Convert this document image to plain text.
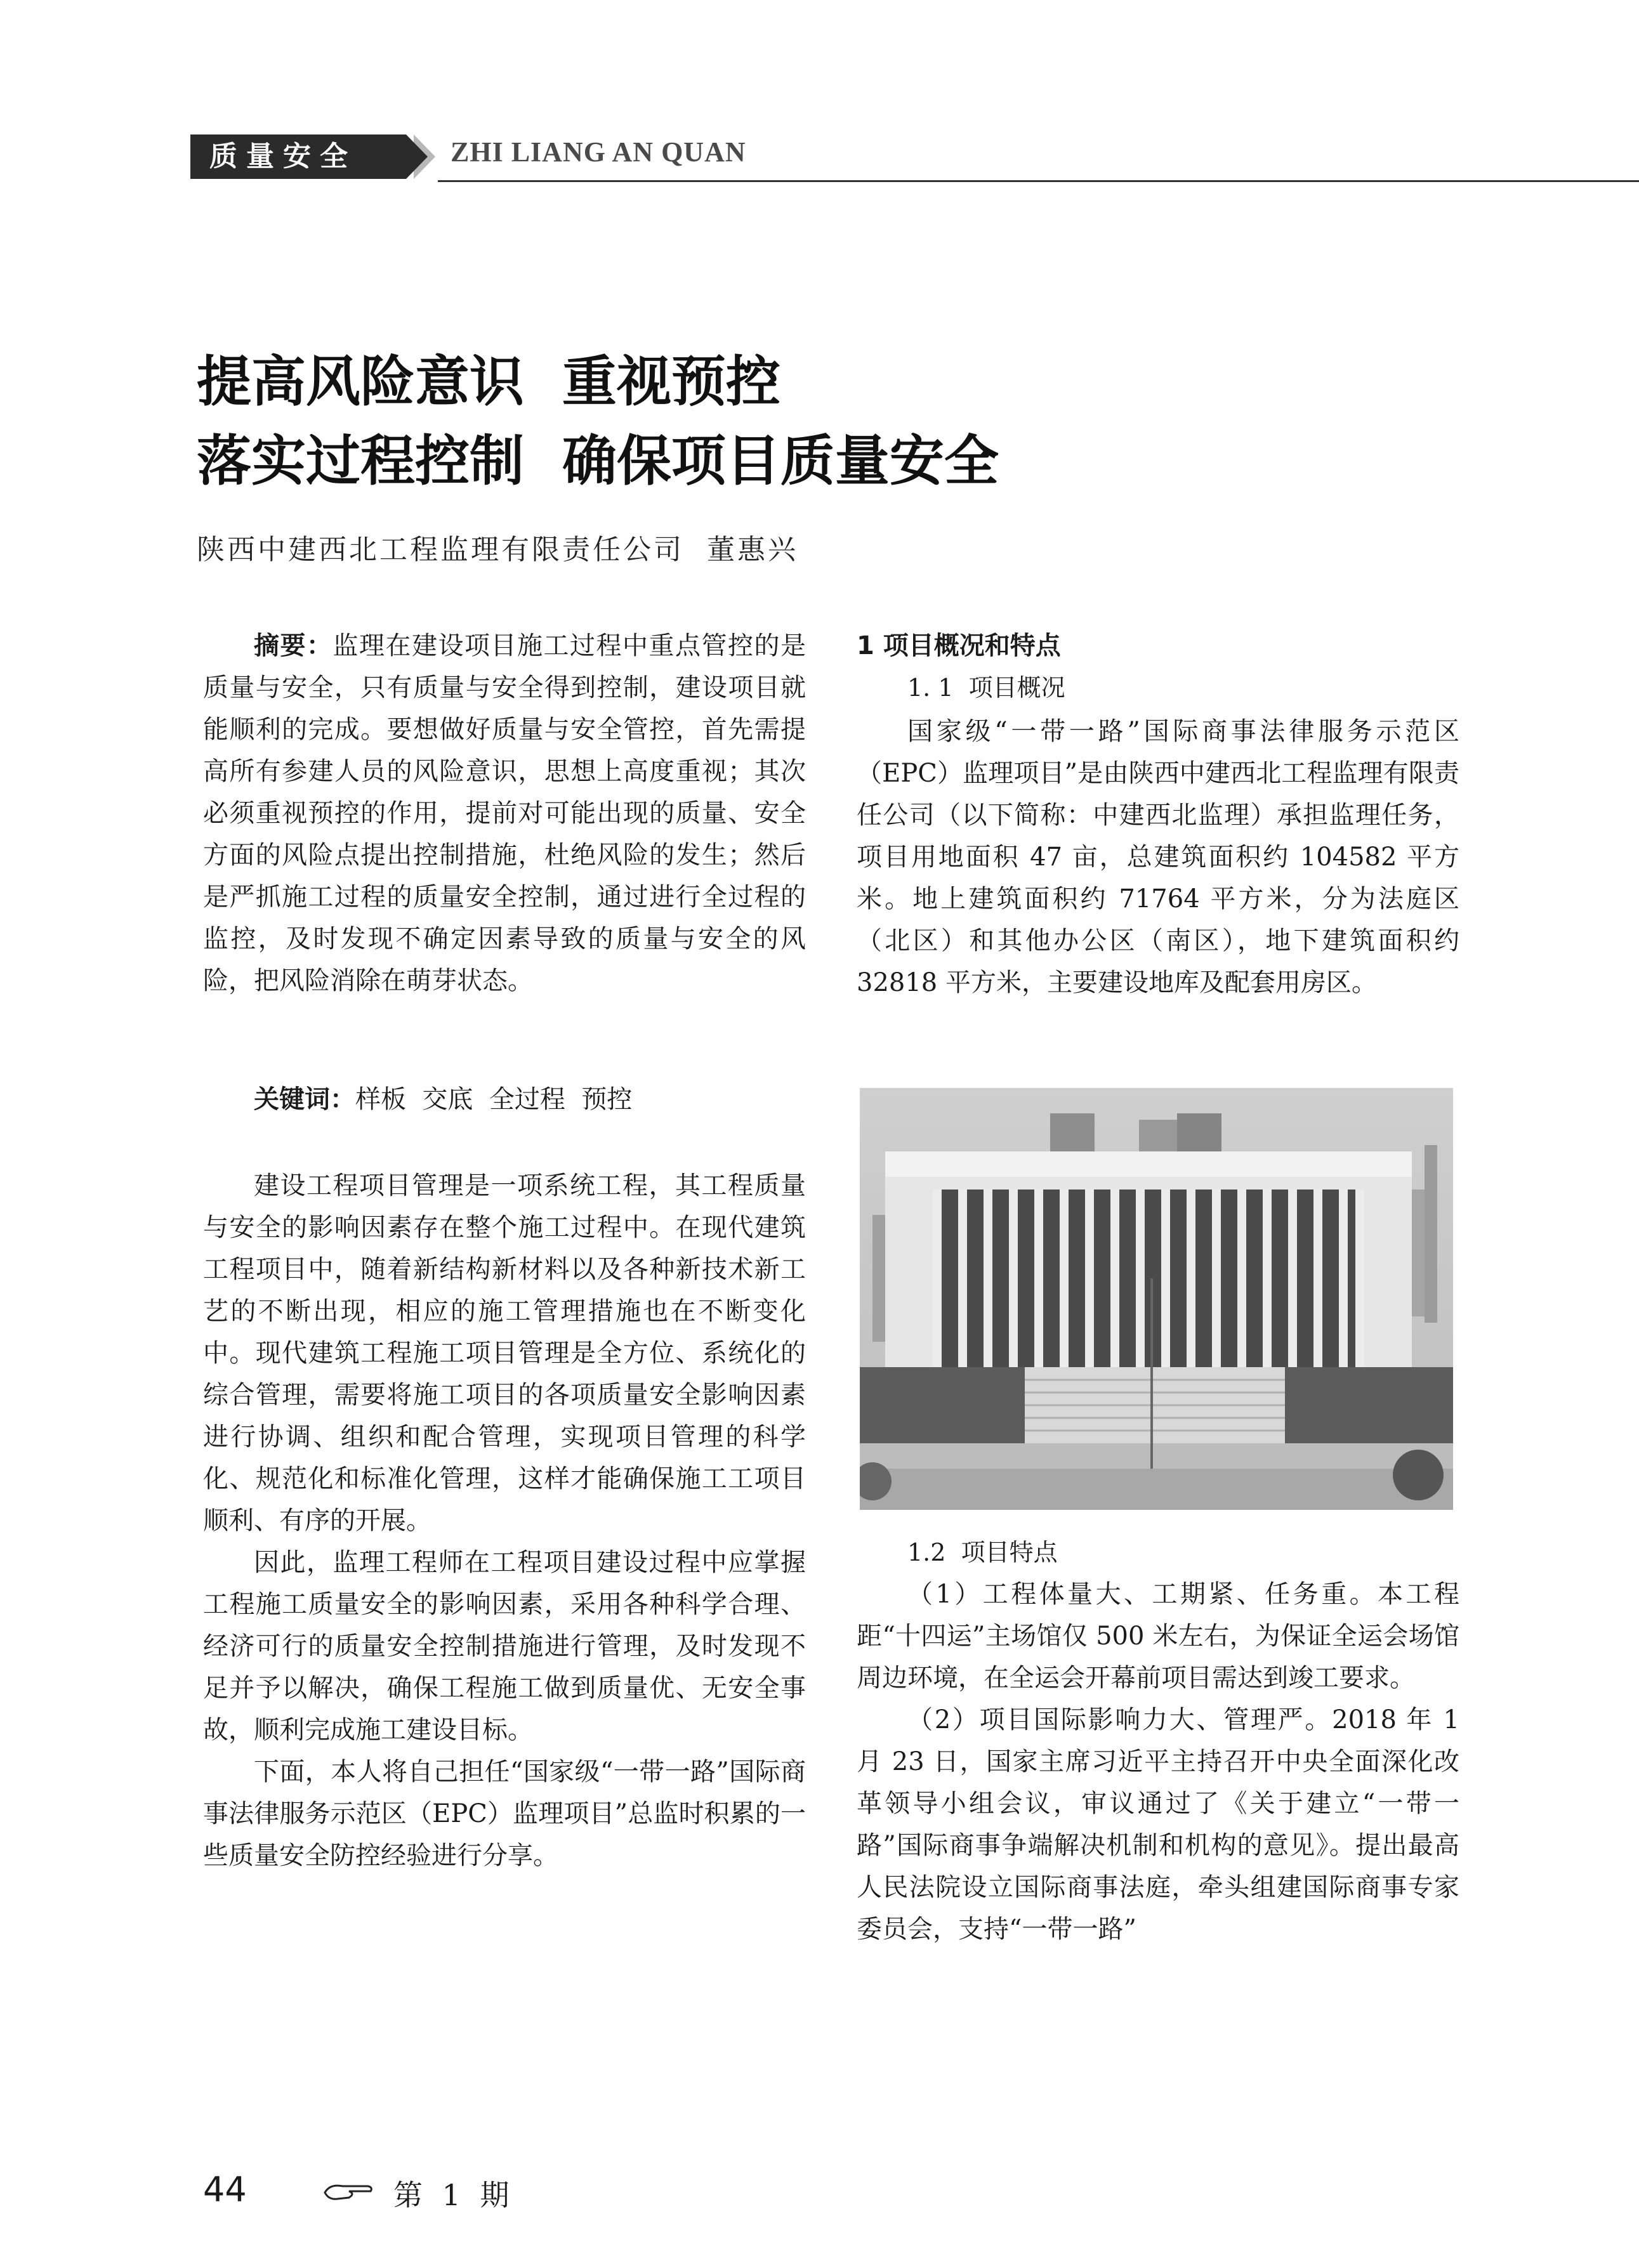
质量安全	ZHI LIANG AN QUAN
提高风险意识  重视预控
落实过程控制  确保项目质量安全
陕西中建西北工程监理有限责任公司  董惠兴

摘要：监理在建设项目施工过程中重点管控的是质量与安全，只有质量与安全得到控制，建设项目就能顺利的完成。要想做好质量与安全管控，首先需提高所有参建人员的风险意识，思想上高度重视；其次必须重视预控的作用，提前对可能出现的质量、安全方面的风险点提出控制措施，杜绝风险的发生；然后是严抓施工过程的质量安全控制，通过进行全过程的监控，及时发现不确定因素导致的质量与安全的风险，把风险消除在萌芽状态。

关键词：样板  交底  全过程  预控

建设工程项目管理是一项系统工程，其工程质量与安全的影响因素存在整个施工过程中。在现代建筑工程项目中，随着新结构新材料以及各种新技术新工艺的不断出现，相应的施工管理措施也在不断变化中。现代建筑工程施工项目管理是全方位、系统化的综合管理，需要将施工项目的各项质量安全影响因素进行协调、组织和配合管理，实现项目管理的科学化、规范化和标准化管理，这样才能确保施工工项目顺利、有序的开展。

因此，监理工程师在工程项目建设过程中应掌握工程施工质量安全的影响因素，采用各种科学合理、经济可行的质量安全控制措施进行管理，及时发现不足并予以解决，确保工程施工做到质量优、无安全事故，顺利完成施工建设目标。

下面，本人将自己担任“国家级“一带一路”国际商事法律服务示范区（EPC）监理项目”总监时积累的一些质量安全防控经验进行分享。

1 项目概况和特点
1. 1  项目概况

国家级“一带一路”国际商事法律服务示范区（EPC）监理项目”是由陕西中建西北工程监理有限责任公司（以下简称：中建西北监理）承担监理任务，项目用地面积 47 亩，总建筑面积约 104582 平方米。地上建筑面积约 71764 平方米，分为法庭区（北区）和其他办公区（南区），地下建筑面积约 32818 平方米，主要建设地库及配套用房区。

1.2  项目特点

（1）工程体量大、工期紧、任务重。本工程距“十四运”主场馆仅 500 米左右，为保证全运会场馆周边环境，在全运会开幕前项目需达到竣工要求。

（2）项目国际影响力大、管理严。2018 年 1 月 23 日，国家主席习近平主持召开中央全面深化改革领导小组会议，审议通过了《关于建立“一带一路”国际商事争端解决机制和机构的意见》。提出最高人民法院设立国际商事法庭，牵头组建国际商事专家委员会，支持“一带一路”

44

	第 1 期
